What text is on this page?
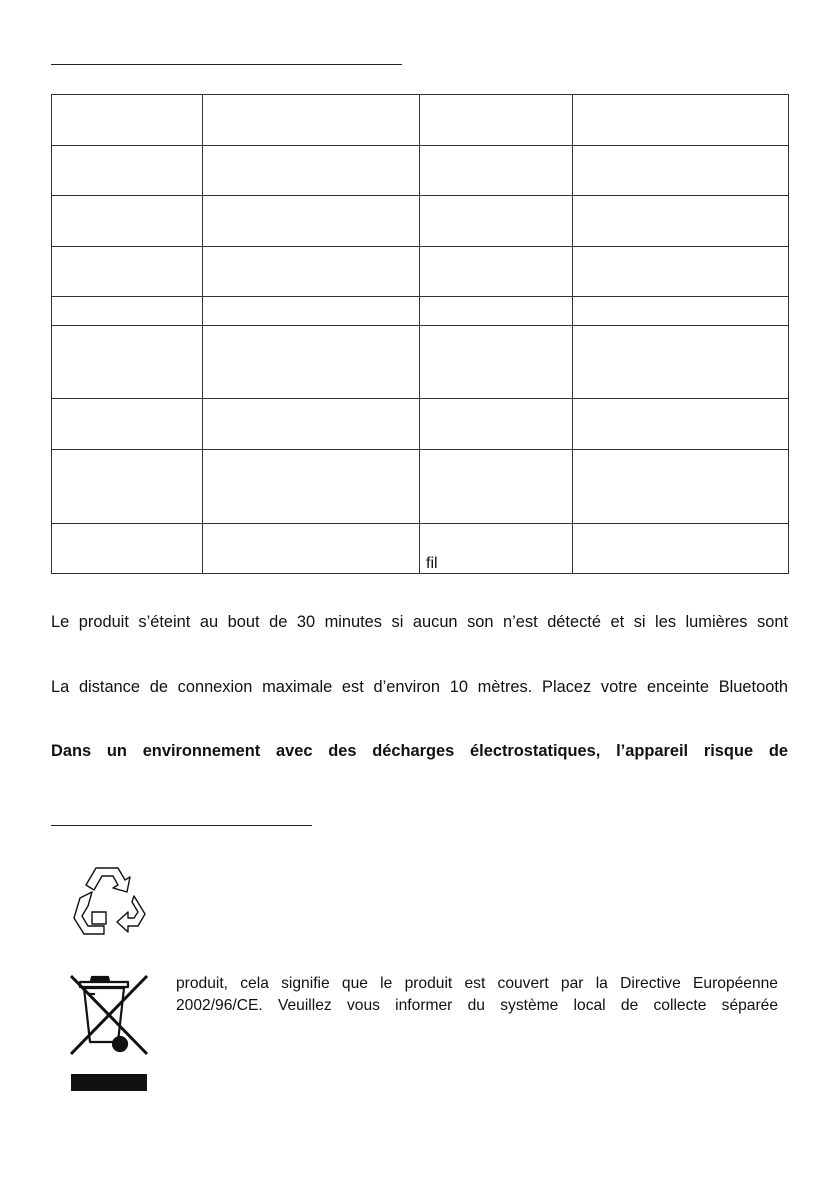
		fil	
Le produit s’éteint au bout de 30 minutes si aucun son n’est détecté et si les lumières sont
La distance de connexion maximale est d’environ 10 mètres. Placez votre enceinte Bluetooth
Dans un environnement avec des décharges électrostatiques, l’appareil risque de
produit, cela signifie que le produit est couvert par la Directive Européenne
2002/96/CE. Veuillez vous informer du système local de collecte séparée
